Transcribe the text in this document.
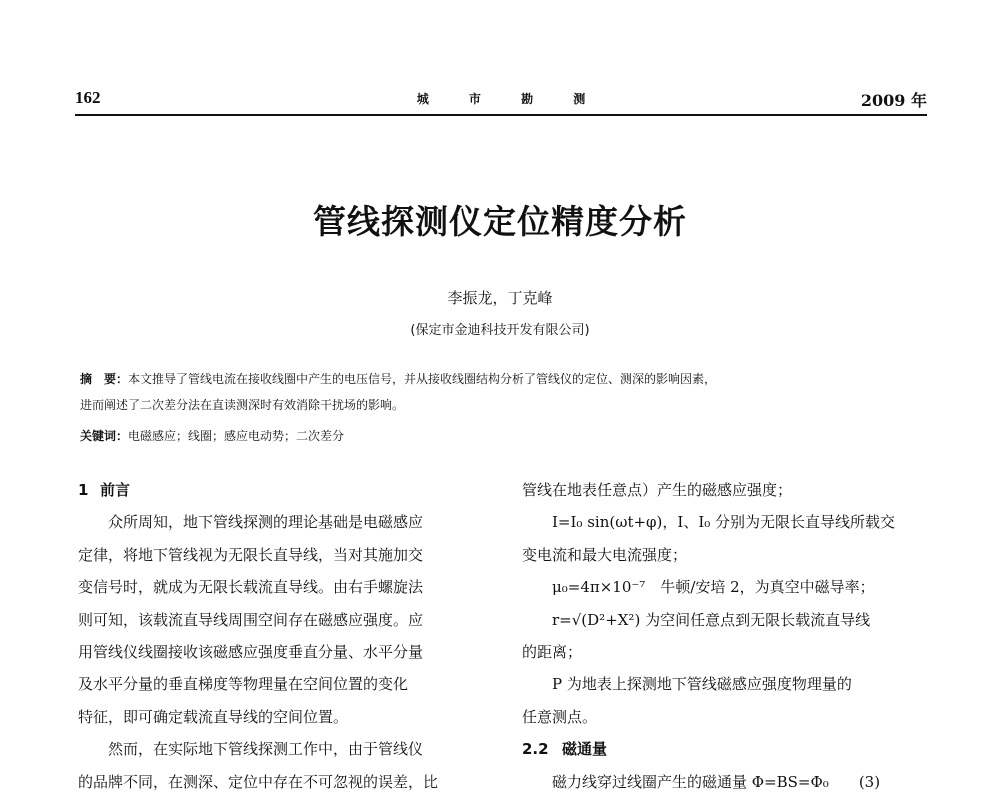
162	城 市 勘 测	2009 年
管线探测仪定位精度分析
李振龙，丁克峰
(保定市金迪科技开发有限公司)

摘　要：本文推导了管线电流在接收线圈中产生的电压信号，并从接收线圈结构分析了管线仪的定位、测深的影响因素，

进而阐述了二次差分法在直读测深时有效消除干扰场的影响。

关键词：电磁感应；线圈；感应电动势；二次差分

1 前言

众所周知，地下管线探测的理论基础是电磁感应

定律，将地下管线视为无限长直导线，当对其施加交

变信号时，就成为无限长载流直导线。由右手螺旋法

则可知，该载流直导线周围空间存在磁感应强度。应

用管线仪线圈接收该磁感应强度垂直分量、水平分量

及水平分量的垂直梯度等物理量在空间位置的变化

特征，即可确定载流直导线的空间位置。

然而，在实际地下管线探测工作中，由于管线仪

的品牌不同，在测深、定位中存在不可忽视的误差，比

管线在地表任意点）产生的磁感应强度；

I=I₀ sin(ωt+φ)，I、I₀ 分别为无限长直导线所载交

变电流和最大电流强度；

μ₀=4π×10⁻⁷　牛顿/安培 2，为真空中磁导率；

r=√(D²+X²) 为空间任意点到无限长载流直导线

的距离；

P 为地表上探测地下管线磁感应强度物理量的

任意测点。

2.2 磁通量

磁力线穿过线圈产生的磁通量 Φ=BS=Φ₀　　(3)
